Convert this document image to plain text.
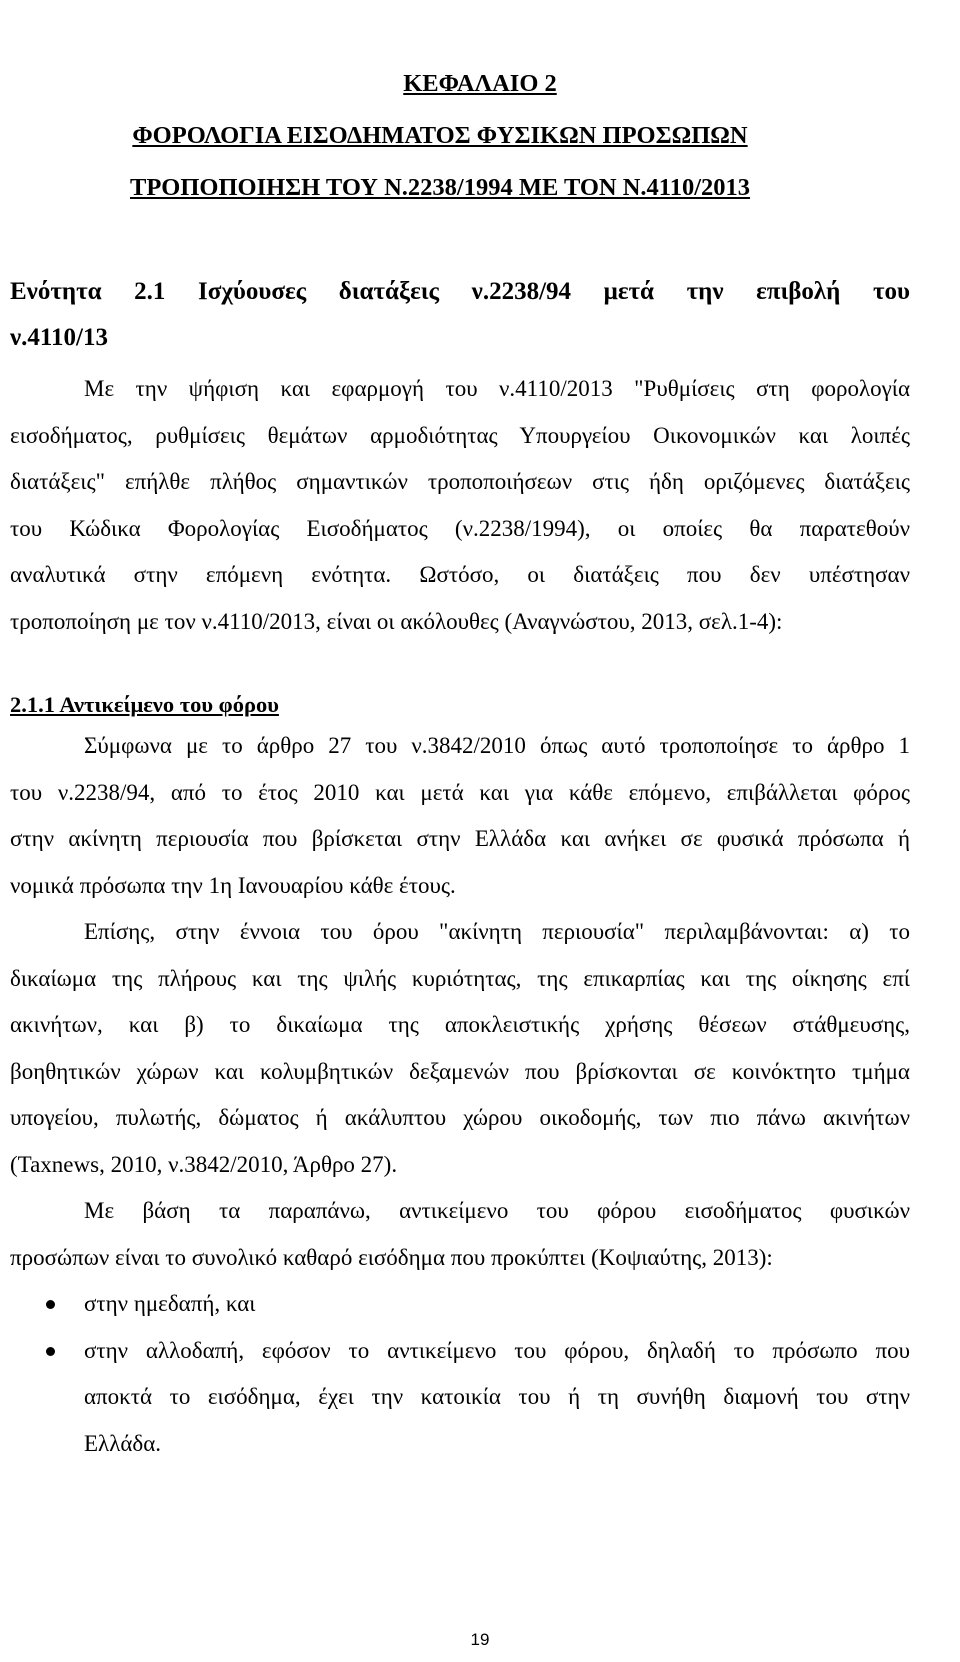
ΚΕΦΑΛΑΙΟ 2
ΦΟΡΟΛΟΓΙΑ ΕΙΣΟΔΗΜΑΤΟΣ ΦΥΣΙΚΩΝ ΠΡΟΣΩΠΩΝ
ΤΡΟΠΟΠΟΙΗΣΗ ΤΟΥ Ν.2238/1994 ΜΕ ΤΟΝ Ν.4110/2013
Ενότητα 2.1 Ισχύουσες διατάξεις ν.2238/94 μετά την επιβολή του
ν.4110/13
Με την ψήφιση και εφαρμογή του ν.4110/2013 "Ρυθμίσεις στη φορολογία
εισοδήματος, ρυθμίσεις θεμάτων αρμοδιότητας Υπουργείου Οικονομικών και λοιπές
διατάξεις" επήλθε πλήθος σημαντικών τροποποιήσεων στις ήδη οριζόμενες διατάξεις
του Κώδικα Φορολογίας Εισοδήματος (ν.2238/1994), οι οποίες θα παρατεθούν
αναλυτικά στην επόμενη ενότητα. Ωστόσο, οι διατάξεις που δεν υπέστησαν
τροποποίηση με τον ν.4110/2013, είναι οι ακόλουθες (Αναγνώστου, 2013, σελ.1-4):
2.1.1 Αντικείμενο του φόρου
Σύμφωνα με το άρθρο 27 του ν.3842/2010 όπως αυτό τροποποίησε το άρθρο 1
του ν.2238/94, από το έτος 2010 και μετά και για κάθε επόμενο, επιβάλλεται φόρος
στην ακίνητη περιουσία που βρίσκεται στην Ελλάδα και ανήκει σε φυσικά πρόσωπα ή
νομικά πρόσωπα την 1η Ιανουαρίου κάθε έτους.
Επίσης, στην έννοια του όρου "ακίνητη περιουσία" περιλαμβάνονται: α) το
δικαίωμα της πλήρους και της ψιλής κυριότητας, της επικαρπίας και της οίκησης επί
ακινήτων, και β) το δικαίωμα της αποκλειστικής χρήσης θέσεων στάθμευσης,
βοηθητικών χώρων και κολυμβητικών δεξαμενών που βρίσκονται σε κοινόκτητο τμήμα
υπογείου, πυλωτής, δώματος ή ακάλυπτου χώρου οικοδομής, των πιο πάνω ακινήτων
(Taxnews, 2010, ν.3842/2010, Άρθρο 27).
Με βάση τα παραπάνω, αντικείμενο του φόρου εισοδήματος φυσικών
προσώπων είναι το συνολικό καθαρό εισόδημα που προκύπτει (Κοψιαύτης, 2013):
στην ημεδαπή, και
στην αλλοδαπή, εφόσον το αντικείμενο του φόρου, δηλαδή το πρόσωπο που
αποκτά το εισόδημα, έχει την κατοικία του ή τη συνήθη διαμονή του στην
Ελλάδα.
19
